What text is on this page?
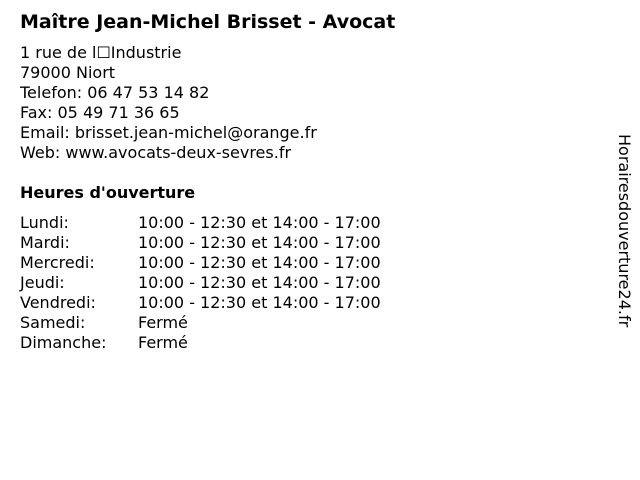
Maître Jean-Michel Brisset - Avocat
1 rue de l☐Industrie
79000 Niort
Telefon: 06 47 53 14 82
Fax: 05 49 71 36 65
Email: brisset.jean-michel@orange.fr
Web: www.avocats-deux-sevres.fr
Heures d'ouverture
Lundi:	10:00 - 12:30 et 14:00 - 17:00
Mardi:	10:00 - 12:30 et 14:00 - 17:00
Mercredi:	10:00 - 12:30 et 14:00 - 17:00
Jeudi:	10:00 - 12:30 et 14:00 - 17:00
Vendredi:	10:00 - 12:30 et 14:00 - 17:00
Samedi:	Fermé
Dimanche:	Fermé
Horairesdouverture24.fr
